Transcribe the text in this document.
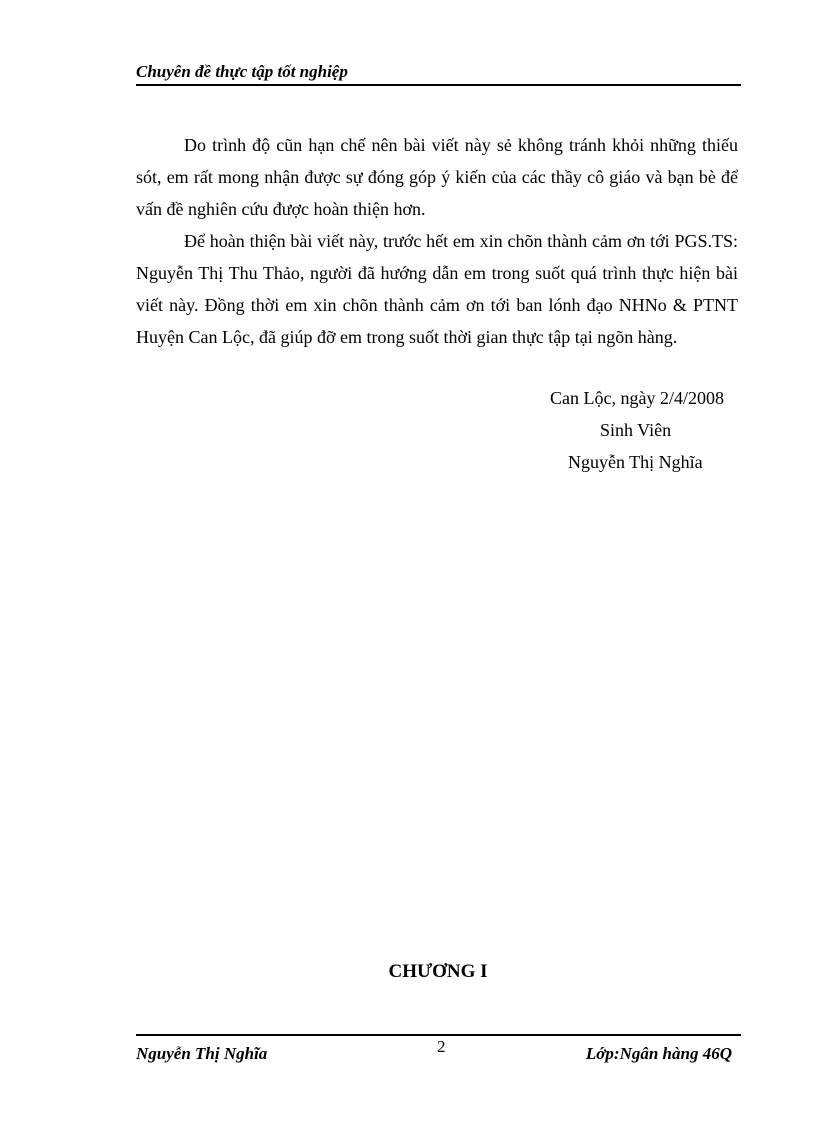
Chuyên đề thực tập tốt nghiệp

Do trình độ cũn hạn chế nên bài viết này sẻ không tránh khỏi những thiếu sót, em rất mong nhận được sự đóng góp ý kiến của các thầy cô giáo và bạn bè để vấn đề nghiên cứu được hoàn thiện hơn.

Để hoàn thiện bài viết này, trước hết em xin chõn thành cảm ơn tới PGS.TS: Nguyễn Thị Thu Thảo, người đã hướng dẫn em trong suốt quá trình thực hiện bài viết này. Đồng thời em xin chõn thành cảm ơn tới ban lónh đạo NHNo & PTNT Huyện Can Lộc, đã giúp đỡ em trong suốt thời gian thực tập tại ngõn hàng.

Can Lộc, ngày 2/4/2008
Sinh Viên
Nguyễn Thị Nghĩa
CHƯƠNG I
Nguyễn Thị Nghĩa	2	Lớp:Ngân hàng 46Q
